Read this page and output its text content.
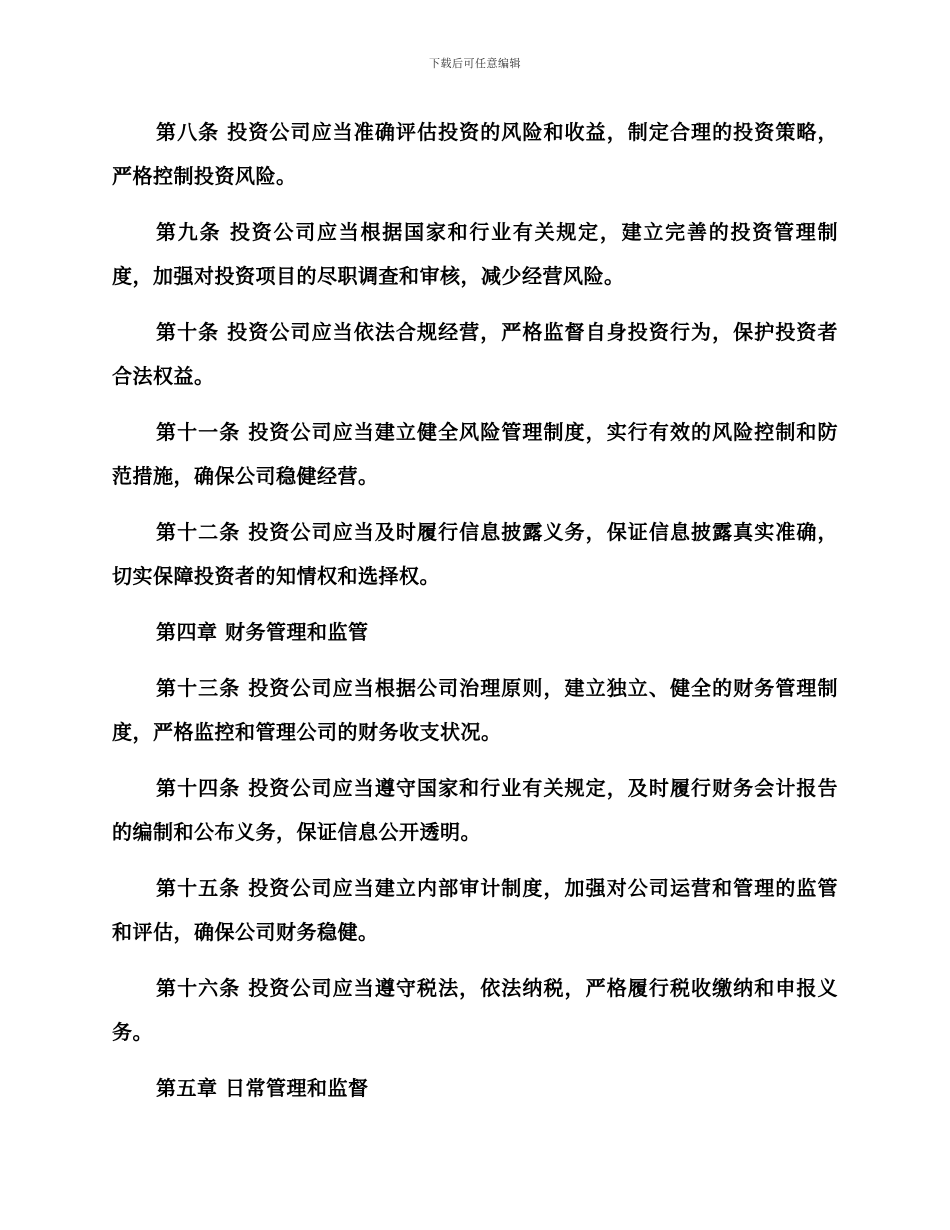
下载后可任意编辑

第八条 投资公司应当准确评估投资的风险和收益，制定合理的投资策略，严格控制投资风险。

第九条 投资公司应当根据国家和行业有关规定，建立完善的投资管理制度，加强对投资项目的尽职调查和审核，减少经营风险。

第十条 投资公司应当依法合规经营，严格监督自身投资行为，保护投资者合法权益。

第十一条 投资公司应当建立健全风险管理制度，实行有效的风险控制和防范措施，确保公司稳健经营。

第十二条 投资公司应当及时履行信息披露义务，保证信息披露真实准确，切实保障投资者的知情权和选择权。

第四章 财务管理和监管

第十三条 投资公司应当根据公司治理原则，建立独立、健全的财务管理制度，严格监控和管理公司的财务收支状况。

第十四条 投资公司应当遵守国家和行业有关规定，及时履行财务会计报告的编制和公布义务，保证信息公开透明。

第十五条 投资公司应当建立内部审计制度，加强对公司运营和管理的监管和评估，确保公司财务稳健。

第十六条 投资公司应当遵守税法，依法纳税，严格履行税收缴纳和申报义务。

第五章 日常管理和监督
